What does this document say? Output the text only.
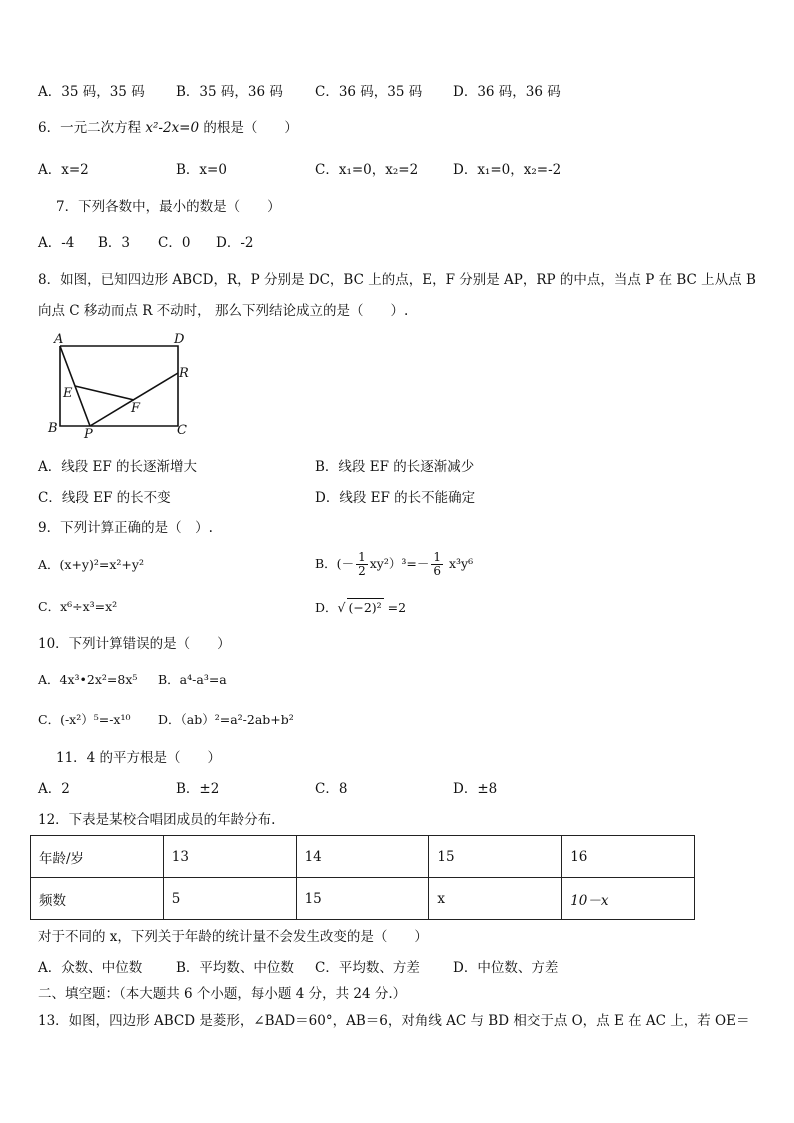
A．35 码，35 码 B．35 码，36 码 C．36 码，35 码 D．36 码，36 码
6．一元二次方程 x²-2x=0 的根是（　　）
A．x=2	B．x=0	C．x₁=0，x₂=2	D．x₁=0，x₂=-2
7．下列各数中，最小的数是（　　）
A．-4 B．3 C．0 D．-2
8．如图，已知四边形 ABCD，R，P 分别是 DC，BC 上的点，E，F 分别是 AP，RP 的中点，当点 P 在 BC 上从点 B
向点 C 移动而点 R 不动时， 那么下列结论成立的是（　　）.
A	D
R
E
F
B P	C
A．线段 EF 的长逐渐增大	B．线段 EF 的长逐渐减少
C．线段 EF 的长不变	D．线段 EF 的长不能确定
9．下列计算正确的是（　）.
A．(x+y)²=x²+y²	B．(－ $\frac{1}{2} xy^2)^3=- \frac{1}{6} x^3y^6$
C．x⁶÷x³=x²	D．√ (−2)² =2
10．下列计算错误的是（　　）
A．4x³•2x²=8x⁵ B．a⁴-a³=a
C．(-x²）⁵=-x¹⁰ D．（ab）²=a²-2ab+b²
11．4 的平方根是（　　）
A．2	B．±2	C．8	D．±8
12．下表是某校合唱团成员的年龄分布.
年龄/岁	13	14	15	16
频数	5	15	x	10－x
对于不同的 x，下列关于年龄的统计量不会发生改变的是（　　）
A．众数、中位数	B．平均数、中位数 C．平均数、方差 D．中位数、方差
二、填空题：（本大题共 6 个小题，每小题 4 分，共 24 分.）
13．如图，四边形 ABCD 是菱形，∠BAD＝60°，AB＝6，对角线 AC 与 BD 相交于点 O，点 E 在 AC 上，若 OE＝
